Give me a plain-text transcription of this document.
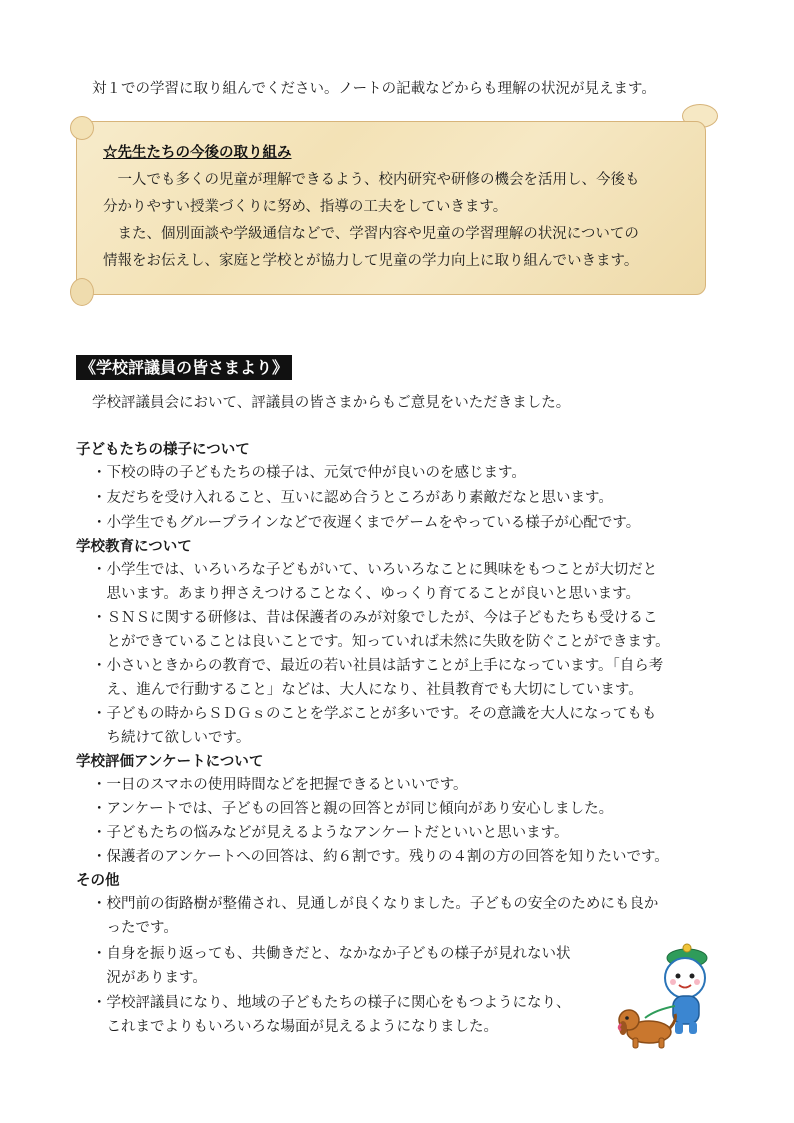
対１での学習に取り組んでください。ノートの記載などからも理解の状況が見えます。
☆先生たちの今後の取り組み
　一人でも多くの児童が理解できるよう、校内研究や研修の機会を活用し、今後も
分かりやすい授業づくりに努め、指導の工夫をしていきます。
　また、個別面談や学級通信などで、学習内容や児童の学習理解の状況についての
情報をお伝えし、家庭と学校とが協力して児童の学力向上に取り組んでいきます。
《学校評議員の皆さまより》
学校評議員会において、評議員の皆さまからもご意見をいただきました。
子どもたちの様子について
・下校の時の子どもたちの様子は、元気で仲が良いのを感じます。
・友だちを受け入れること、互いに認め合うところがあり素敵だなと思います。
・小学生でもグループラインなどで夜遅くまでゲームをやっている様子が心配です。
学校教育について
・小学生では、いろいろな子どもがいて、いろいろなことに興味をもつことが大切だと
　思います。あまり押さえつけることなく、ゆっくり育てることが良いと思います。
・ＳＮＳに関する研修は、昔は保護者のみが対象でしたが、今は子どもたちも受けるこ
　とができていることは良いことです。知っていれば未然に失敗を防ぐことができます。
・小さいときからの教育で、最近の若い社員は話すことが上手になっています。「自ら考
　え、進んで行動すること」などは、大人になり、社員教育でも大切にしています。
・子どもの時からＳＤＧｓのことを学ぶことが多いです。その意識を大人になってもも
　ち続けて欲しいです。
学校評価アンケートについて
・一日のスマホの使用時間などを把握できるといいです。
・アンケートでは、子どもの回答と親の回答とが同じ傾向があり安心しました。
・子どもたちの悩みなどが見えるようなアンケートだといいと思います。
・保護者のアンケートへの回答は、約６割です。残りの４割の方の回答を知りたいです。
その他
・校門前の街路樹が整備され、見通しが良くなりました。子どもの安全のためにも良か
　ったです。
・自身を振り返っても、共働きだと、なかなか子どもの様子が見れない状
　況があります。
・学校評議員になり、地域の子どもたちの様子に関心をもつようになり、
　これまでよりもいろいろな場面が見えるようになりました。
